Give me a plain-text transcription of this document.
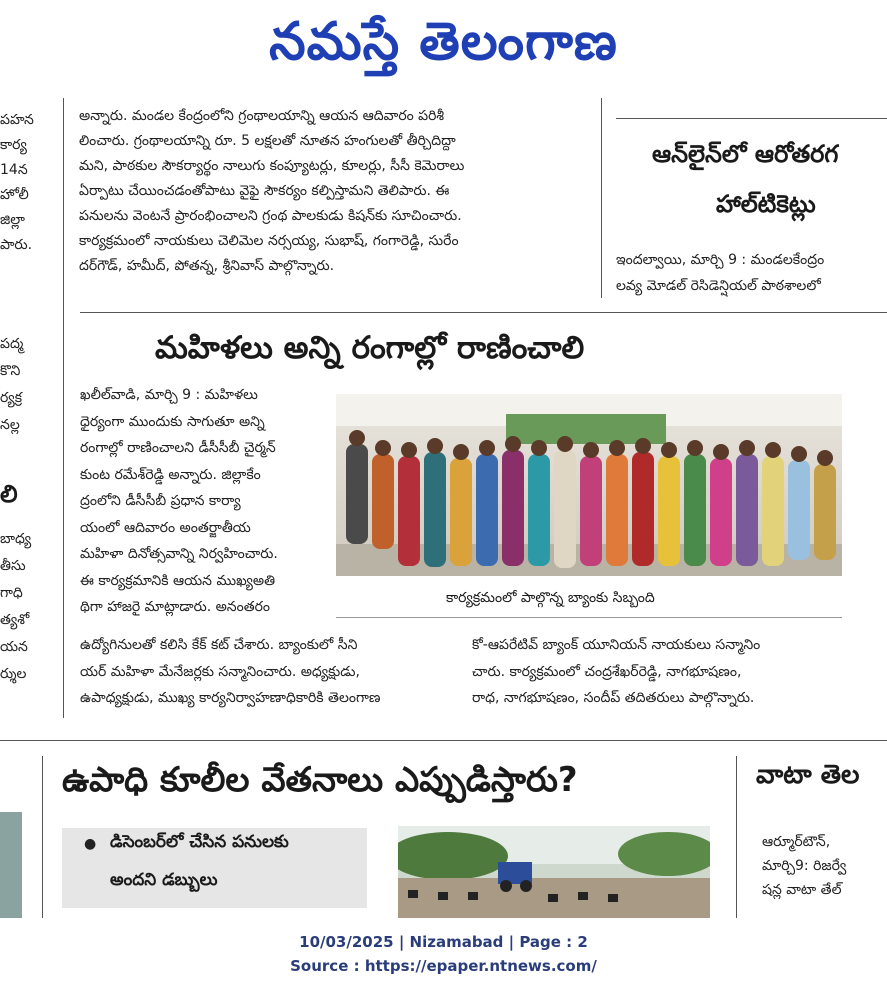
నమస్తే తెలంగాణ
పహన
కార్య
14న
హోలీ
జిల్లా
పారు.
పద్మ
కొని
ర్యక్ర
నల్ల
లి
బాధ్య
తీసు
గాధి
త్యశో
యన
ర్శుల
అన్నారు. మండల కేంద్రంలోని గ్రంథాలయాన్ని ఆయన ఆదివారం పరిశీ
లించారు. గ్రంథాలయాన్ని రూ. 5 లక్షలతో నూతన హంగులతో తీర్చిదిద్దా
మని, పాఠకుల సౌకర్యార్థం నాలుగు కంప్యూటర్లు, కూలర్లు, సీసీ కెమెరాలు
ఏర్పాటు చేయించడంతోపాటు వైఫై సౌకర్యం కల్పిస్తామని తెలిపారు. ఈ
పనులను వెంటనే ప్రారంభించాలని గ్రంథ పాలకుడు కిషన్‌కు సూచించారు.
కార్యక్రమంలో నాయకులు చెలిమెల నర్సయ్య, సుభాష్, గంగారెడ్డి, సురేం
దర్‌గౌడ్, హమీద్, పోతన్న, శ్రీనివాస్ పాల్గొన్నారు.
ఆన్‌లైన్‌లో ఆరోతరగ
హాల్‌టికెట్లు
ఇందల్వాయి, మార్చి 9 : మండలకేంద్రం
లవ్య మోడల్ రెసిడెన్షియల్ పాఠశాలలో
మహిళలు అన్ని రంగాల్లో రాణించాలి
ఖలీల్‌వాడి, మార్చి 9 : మహిళలు
ధైర్యంగా ముందుకు సాగుతూ అన్ని
రంగాల్లో రాణించాలని డీసీసీబీ చైర్మన్
కుంట రమేశ్‌రెడ్డి అన్నారు. జిల్లాకేం
ద్రంలోని డీసీసీబీ ప్రధాన కార్యా
యంలో ఆదివారం అంతర్జాతీయ
మహిళా దినోత్సవాన్ని నిర్వహించారు.
ఈ కార్యక్రమానికి ఆయన ముఖ్యఅతి
థిగా హాజరై మాట్లాడారు. అనంతరం
ఉద్యోగినులతో కలిసి కేక్ కట్ చేశారు. బ్యాంకులో సీని
యర్ మహిళా మేనేజర్లకు సన్మానించారు. అధ్యక్షుడు,
ఉపాధ్యక్షుడు, ముఖ్య కార్యనిర్వాహణాధికారికి తెలంగాణ
కార్యక్రమంలో పాల్గొన్న బ్యాంకు సిబ్బంది
కో-ఆపరేటివ్ బ్యాంక్ యూనియన్ నాయకులు సన్మానిం
చారు. కార్యక్రమంలో చంద్రశేఖర్‌రెడ్డి, నాగభూషణం,
రాధ, నాగభూషణం, సందీప్ తదితరులు పాల్గొన్నారు.
ఉపాధి కూలీల వేతనాలు ఎప్పుడిస్తారు?
● డిసెంబర్‌లో చేసిన పనులకు
అందని డబ్బులు
వాటా తెల
ఆర్మూర్‌టౌన్,
మార్చి9: రిజర్వే
షన్ల వాటా తేల్
10/03/2025 | Nizamabad | Page : 2
Source : https://epaper.ntnews.com/
